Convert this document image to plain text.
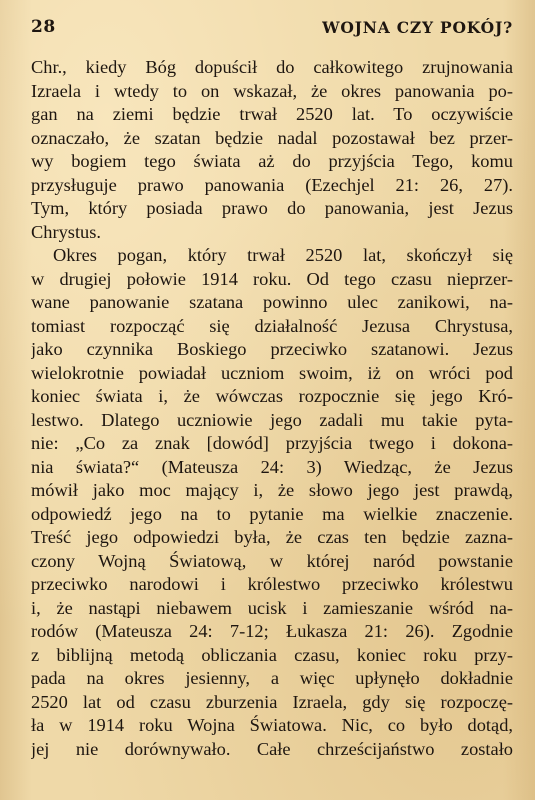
28	WOJNA CZY POKÓJ?
Chr., kiedy Bóg dopuścił do całkowitego zrujnowania
Izraela i wtedy to on wskazał, że okres panowania po-
gan na ziemi będzie trwał 2520 lat. To oczywiście
oznaczało, że szatan będzie nadal pozostawał bez przer-
wy bogiem tego świata aż do przyjścia Tego, komu
przysługuje prawo panowania (Ezechjel 21: 26, 27).
Tym, który posiada prawo do panowania, jest Jezus
Chrystus.
Okres pogan, który trwał 2520 lat, skończył się
w drugiej połowie 1914 roku. Od tego czasu nieprzer-
wane panowanie szatana powinno ulec zanikowi, na-
tomiast rozpocząć się działalność Jezusa Chrystusa,
jako czynnika Boskiego przeciwko szatanowi. Jezus
wielokrotnie powiadał uczniom swoim, iż on wróci pod
koniec świata i, że wówczas rozpocznie się jego Kró-
lestwo. Dlatego uczniowie jego zadali mu takie pyta-
nie: „Co za znak [dowód] przyjścia twego i dokona-
nia świata?“ (Mateusza 24: 3) Wiedząc, że Jezus
mówił jako moc mający i, że słowo jego jest prawdą,
odpowiedź jego na to pytanie ma wielkie znaczenie.
Treść jego odpowiedzi była, że czas ten będzie zazna-
czony Wojną Światową, w której naród powstanie
przeciwko narodowi i królestwo przeciwko królestwu
i, że nastąpi niebawem ucisk i zamieszanie wśród na-
rodów (Mateusza 24: 7-12; Łukasza 21: 26). Zgodnie
z biblijną metodą obliczania czasu, koniec roku przy-
pada na okres jesienny, a więc upłynęło dokładnie
2520 lat od czasu zburzenia Izraela, gdy się rozpoczę-
ła w 1914 roku Wojna Światowa. Nic, co było dotąd,
jej nie dorównywało. Całe chrześcijaństwo zostało
